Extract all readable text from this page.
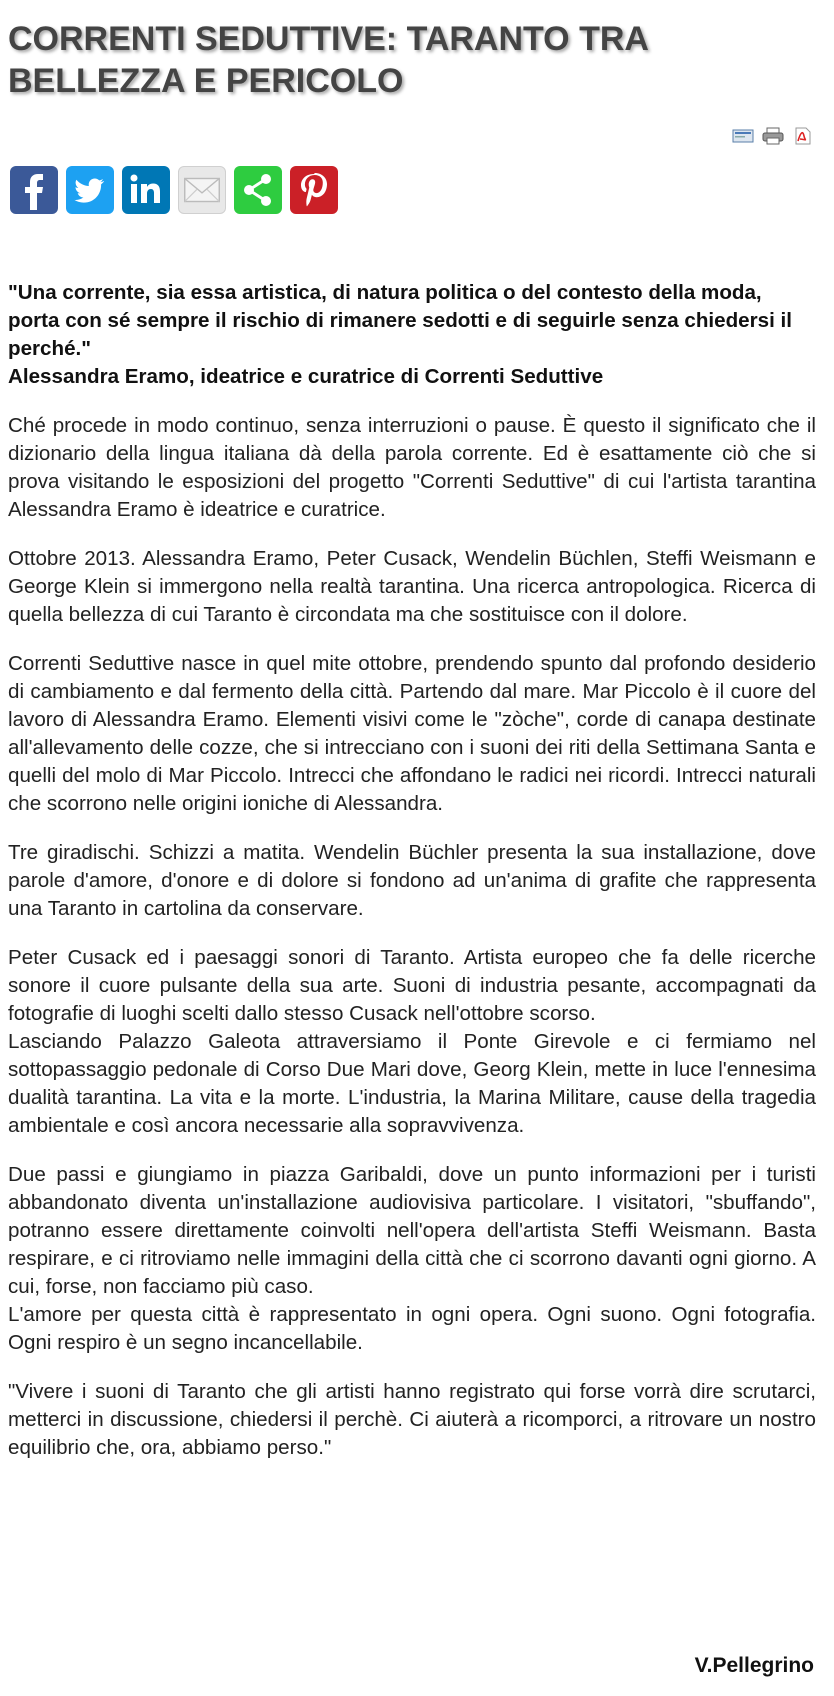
CORRENTI SEDUTTIVE: TARANTO TRA
BELLEZZA E PERICOLO

"Una corrente, sia essa artistica, di natura politica o del contesto della moda, porta con sé sempre il rischio di rimanere sedotti e di seguirle senza chiedersi il perché."

Alessandra Eramo, ideatrice e curatrice di Correnti Seduttive

Ché procede in modo continuo, senza interruzioni o pause. È questo il significato che il dizionario della lingua italiana dà della parola corrente. Ed è esattamente ciò che si prova visitando le esposizioni del progetto "Correnti Seduttive" di cui l'artista tarantina Alessandra Eramo è ideatrice e curatrice.

Ottobre 2013. Alessandra Eramo, Peter Cusack, Wendelin Büchlen, Steffi Weismann e George Klein si immergono nella realtà tarantina. Una ricerca antropologica. Ricerca di quella bellezza di cui Taranto è circondata ma che sostituisce con il dolore.

Correnti Seduttive nasce in quel mite ottobre, prendendo spunto dal profondo desiderio di cambiamento e dal fermento della città. Partendo dal mare. Mar Piccolo è il cuore del lavoro di Alessandra Eramo. Elementi visivi come le "zòche", corde di canapa destinate all'allevamento delle cozze, che si intrecciano con i suoni dei riti della Settimana Santa e quelli del molo di Mar Piccolo. Intrecci che affondano le radici nei ricordi. Intrecci naturali che scorrono nelle origini ioniche di Alessandra.

Tre giradischi. Schizzi a matita. Wendelin Büchler presenta la sua installazione, dove parole d'amore, d'onore e di dolore si fondono ad un'anima di grafite che rappresenta una Taranto in cartolina da conservare.

Peter Cusack ed i paesaggi sonori di Taranto. Artista europeo che fa delle ricerche sonore il cuore pulsante della sua arte. Suoni di industria pesante, accompagnati da fotografie di luoghi scelti dallo stesso Cusack nell'ottobre scorso.

Lasciando Palazzo Galeota attraversiamo il Ponte Girevole e ci fermiamo nel sottopassaggio pedonale di Corso Due Mari dove, Georg Klein, mette in luce l'ennesima dualità tarantina. La vita e la morte. L'industria, la Marina Militare, cause della tragedia ambientale e così ancora necessarie alla sopravvivenza.

Due passi e giungiamo in piazza Garibaldi, dove un punto informazioni per i turisti abbandonato diventa un'installazione audiovisiva particolare. I visitatori, "sbuffando", potranno essere direttamente coinvolti nell'opera dell'artista Steffi Weismann. Basta respirare, e ci ritroviamo nelle immagini della città che ci scorrono davanti ogni giorno. A cui, forse, non facciamo più caso.

L'amore per questa città è rappresentato in ogni opera. Ogni suono. Ogni fotografia. Ogni respiro è un segno incancellabile.

"Vivere i suoni di Taranto che gli artisti hanno registrato qui forse vorrà dire scrutarci, metterci in discussione, chiedersi il perchè. Ci aiuterà a ricomporci, a ritrovare un nostro equilibrio che, ora, abbiamo perso."

V.Pellegrino
